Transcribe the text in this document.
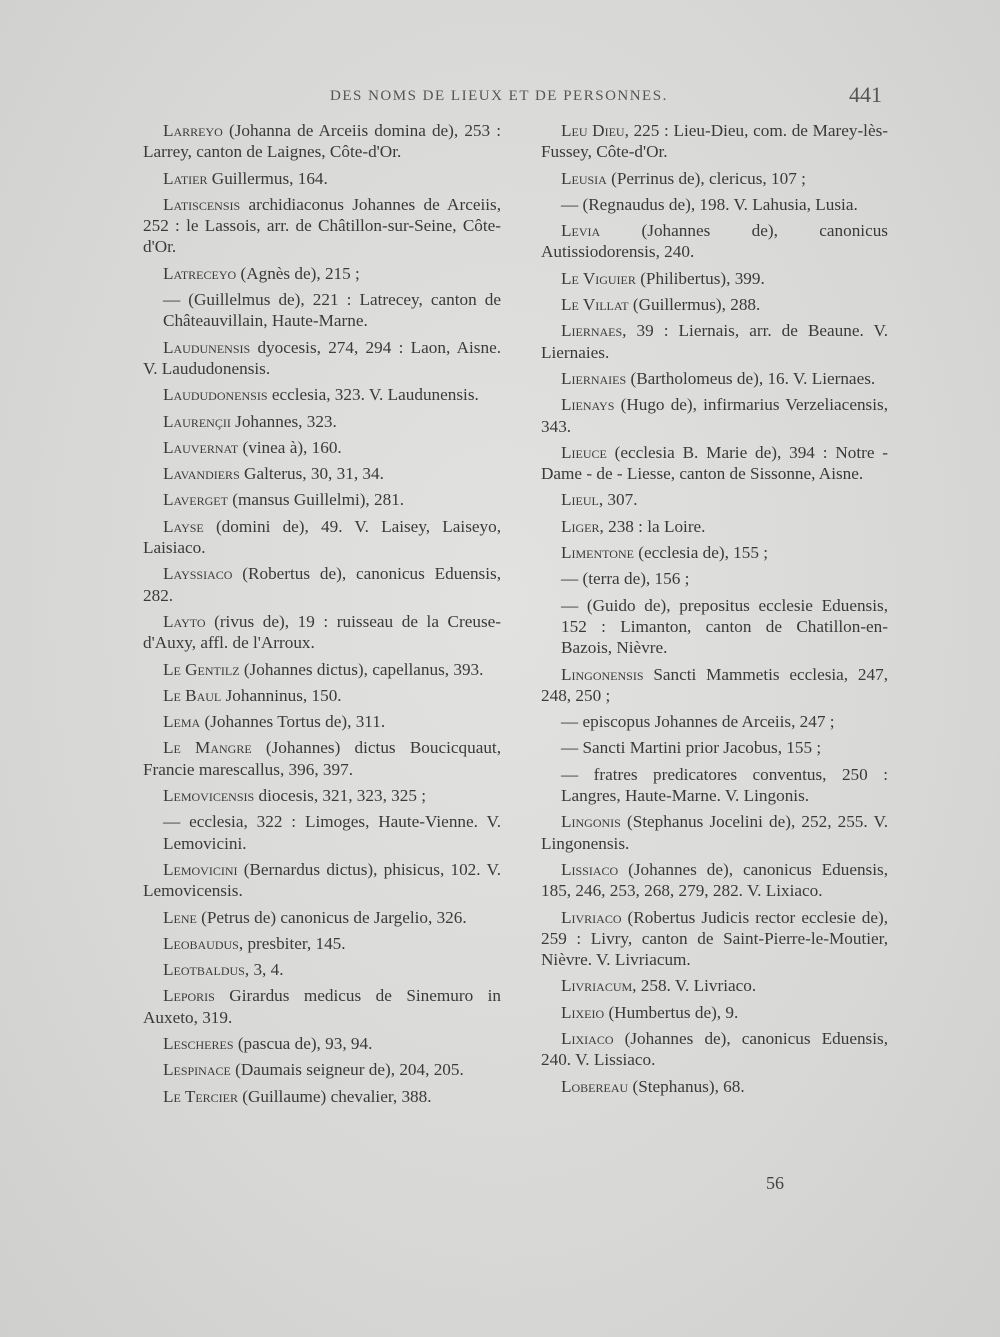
DES NOMS DE LIEUX ET DE PERSONNES.	441

Larreyo (Johanna de Arceiis domina de), 253 : Larrey, canton de Laignes, Côte-d'Or.

Latier Guillermus, 164.

Latiscensis archidiaconus Johannes de Arceiis, 252 : le Lassois, arr. de Châtillon-sur-Seine, Côte-d'Or.

Latreceyo (Agnès de), 215 ;

— (Guillelmus de), 221 : Latrecey, canton de Châteauvillain, Haute-Marne.

Laudunensis dyocesis, 274, 294 : Laon, Aisne. V. Laududonensis.

Laududonensis ecclesia, 323. V. Laudunensis.

Laurençii Johannes, 323.

Lauvernat (vinea à), 160.

Lavandiers Galterus, 30, 31, 34.

Laverget (mansus Guillelmi), 281.

Layse (domini de), 49. V. Laisey, Laiseyo, Laisiaco.

Layssiaco (Robertus de), canonicus Eduensis, 282.

Layto (rivus de), 19 : ruisseau de la Creuse-d'Auxy, affl. de l'Arroux.

Le Gentilz (Johannes dictus), capellanus, 393.

Le Baul Johanninus, 150.

Lema (Johannes Tortus de), 311.

Le Mangre (Johannes) dictus Boucicquaut, Francie marescallus, 396, 397.

Lemovicensis diocesis, 321, 323, 325 ;

— ecclesia, 322 : Limoges, Haute-Vienne. V. Lemovicini.

Lemovicini (Bernardus dictus), phisicus, 102. V. Lemovicensis.

Lene (Petrus de) canonicus de Jargelio, 326.

Leobaudus, presbiter, 145.

Leotbaldus, 3, 4.

Leporis Girardus medicus de Sinemuro in Auxeto, 319.

Lescheres (pascua de), 93, 94.

Lespinace (Daumais seigneur de), 204, 205.

Le Tercier (Guillaume) chevalier, 388.

Leu Dieu, 225 : Lieu-Dieu, com. de Marey-lès-Fussey, Côte-d'Or.

Leusia (Perrinus de), clericus, 107 ;

— (Regnaudus de), 198. V. Lahusia, Lusia.

Levia (Johannes de), canonicus Autissiodorensis, 240.

Le Viguier (Philibertus), 399.

Le Villat (Guillermus), 288.

Liernaes, 39 : Liernais, arr. de Beaune. V. Liernaies.

Liernaies (Bartholomeus de), 16. V. Liernaes.

Lienays (Hugo de), infirmarius Verzeliacensis, 343.

Lieuce (ecclesia B. Marie de), 394 : Notre - Dame - de - Liesse, canton de Sissonne, Aisne.

Lieul, 307.

Liger, 238 : la Loire.

Limentone (ecclesia de), 155 ;

— (terra de), 156 ;

— (Guido de), prepositus ecclesie Eduensis, 152 : Limanton, canton de Chatillon-en-Bazois, Nièvre.

Lingonensis Sancti Mammetis ecclesia, 247, 248, 250 ;

— episcopus Johannes de Arceiis, 247 ;

— Sancti Martini prior Jacobus, 155 ;

— fratres predicatores conventus, 250 : Langres, Haute-Marne. V. Lingonis.

Lingonis (Stephanus Jocelini de), 252, 255. V. Lingonensis.

Lissiaco (Johannes de), canonicus Eduensis, 185, 246, 253, 268, 279, 282. V. Lixiaco.

Livriaco (Robertus Judicis rector ecclesie de), 259 : Livry, canton de Saint-Pierre-le-Moutier, Nièvre. V. Livriacum.

Livriacum, 258. V. Livriaco.

Lixeio (Humbertus de), 9.

Lixiaco (Johannes de), canonicus Eduensis, 240. V. Lissiaco.

Lobereau (Stephanus), 68.

56
